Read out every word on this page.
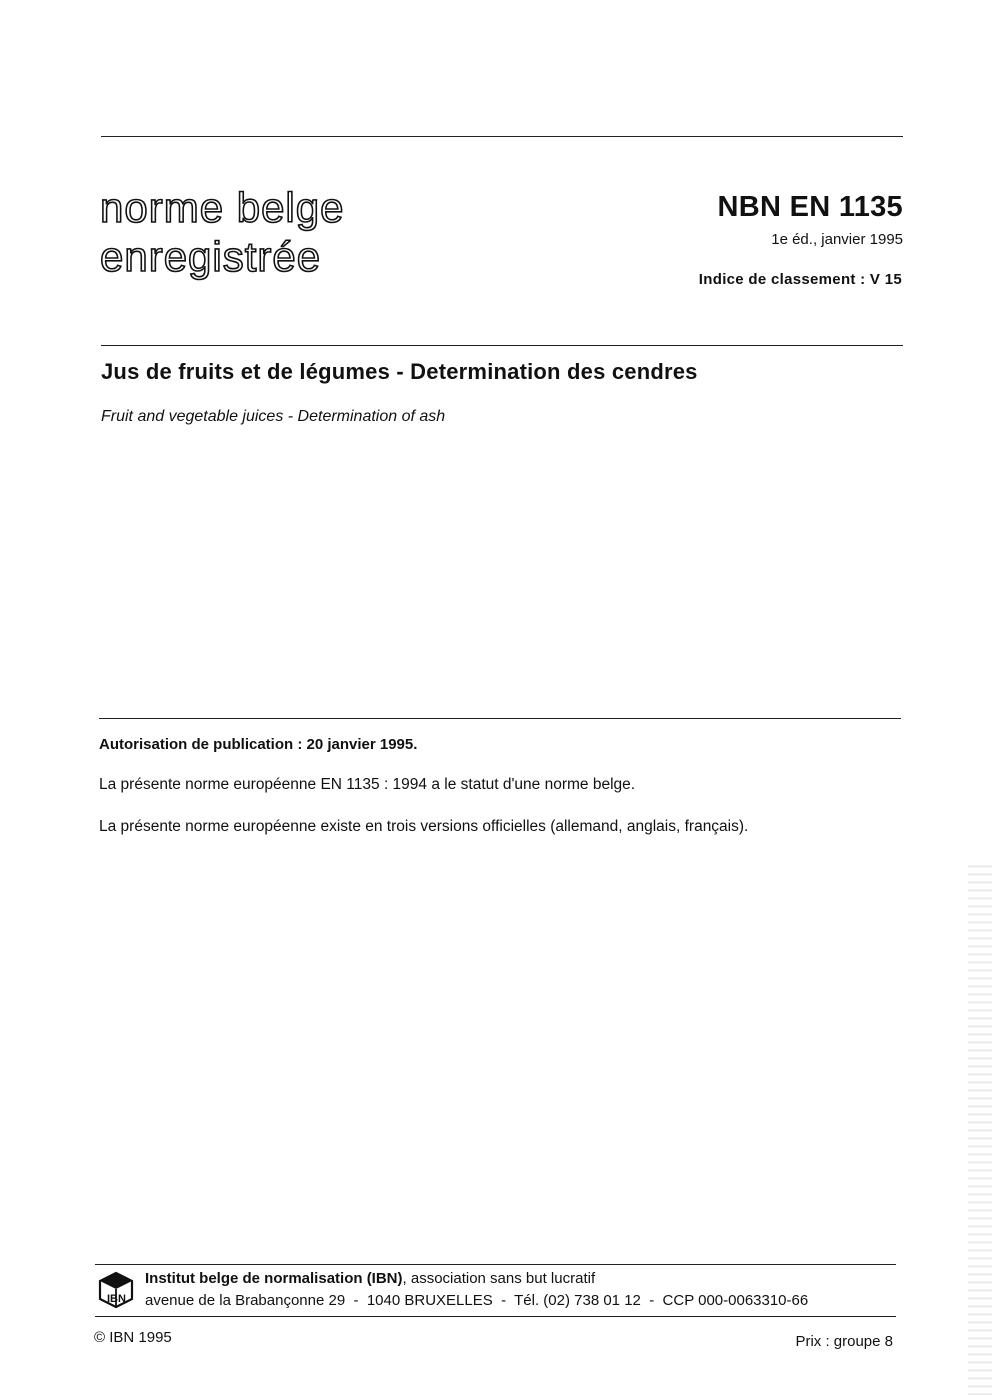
norme belge
enregistrée
NBN EN 1135
1e éd., janvier 1995
Indice de classement : V 15
Jus de fruits et de légumes - Determination des cendres
Fruit and vegetable juices - Determination of ash
Autorisation de publication : 20 janvier 1995.
La présente norme européenne EN 1135 : 1994 a le statut d'une norme belge.
La présente norme européenne existe en trois versions officielles (allemand, anglais, français).
IBN
Institut belge de normalisation (IBN), association sans but lucratif
avenue de la Brabançonne 29  -  1040 BRUXELLES  -  Tél. (02) 738 01 12  -  CCP 000-0063310-66
© IBN 1995	Prix : groupe 8
